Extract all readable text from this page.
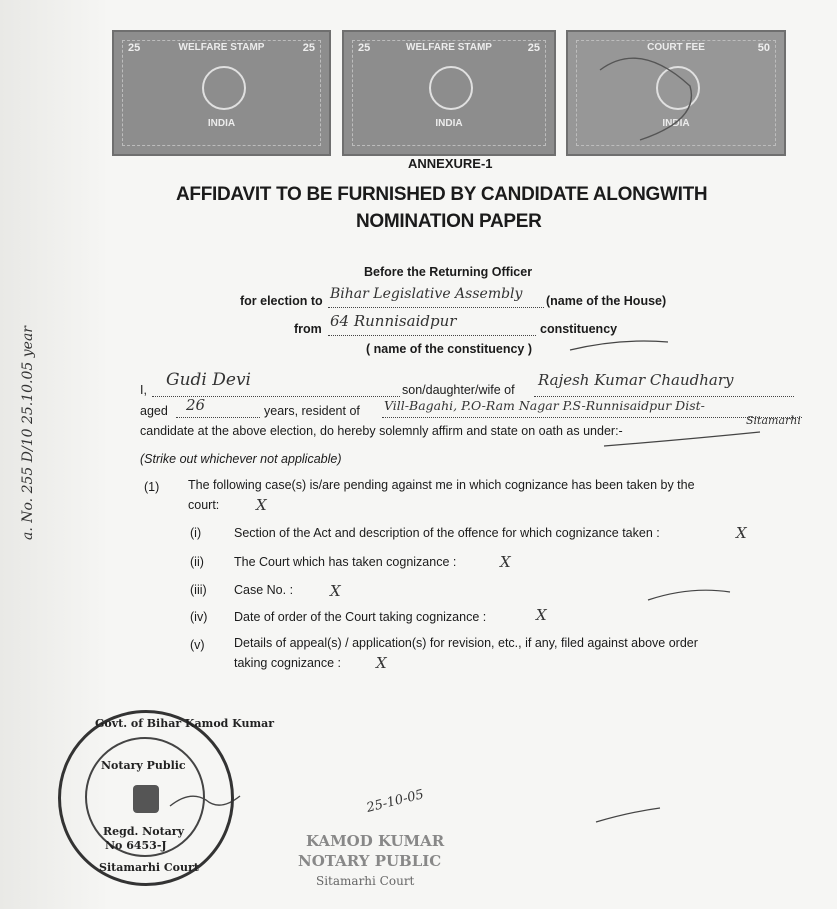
WELFARE STAMP
25	25
INDIA
WELFARE STAMP
25	25
INDIA
COURT FEE	50
INDIA
ANNEXURE-1
AFFIDAVIT TO BE FURNISHED BY CANDIDATE ALONGWITH
NOMINATION PAPER
Before the Returning Officer
for election to Bihar Legislative Assembly (name of the House)
from 64 Runnisaidpur	constituency
( name of the constituency )
I, Gudi Devi	son/daughter/wife of
Rajesh Kumar Chaudhary
aged 26	years, resident of Vill-Bagahi, P.O-Ram Nagar P.S-Runnisaidpur Dist-
Sitamarhi
candidate at the above election, do hereby solemnly affirm and state on oath as under:-
(Strike out whichever not applicable)
(1) The following case(s) is/are pending against me in which cognizance has been taken by the
court: X
(i)	Section of the Act and description of the offence for which cognizance taken :	X
(ii) The Court which has taken cognizance :	X
(iii) Case No. : X
(iv) Date of order of the Court taking cognizance :	X
(v) Details of appeal(s) / application(s) for revision, etc., if any, filed against above order
taking cognizance : X
Govt. of Bihar Kamod Kumar
Notary Public
Regd. Notary
No 6453-J
Sitamarhi Court
25-10-05
KAMOD KUMAR
NOTARY PUBLIC
Sitamarhi Court
a. No. 255 D/10 25.10.05 year
